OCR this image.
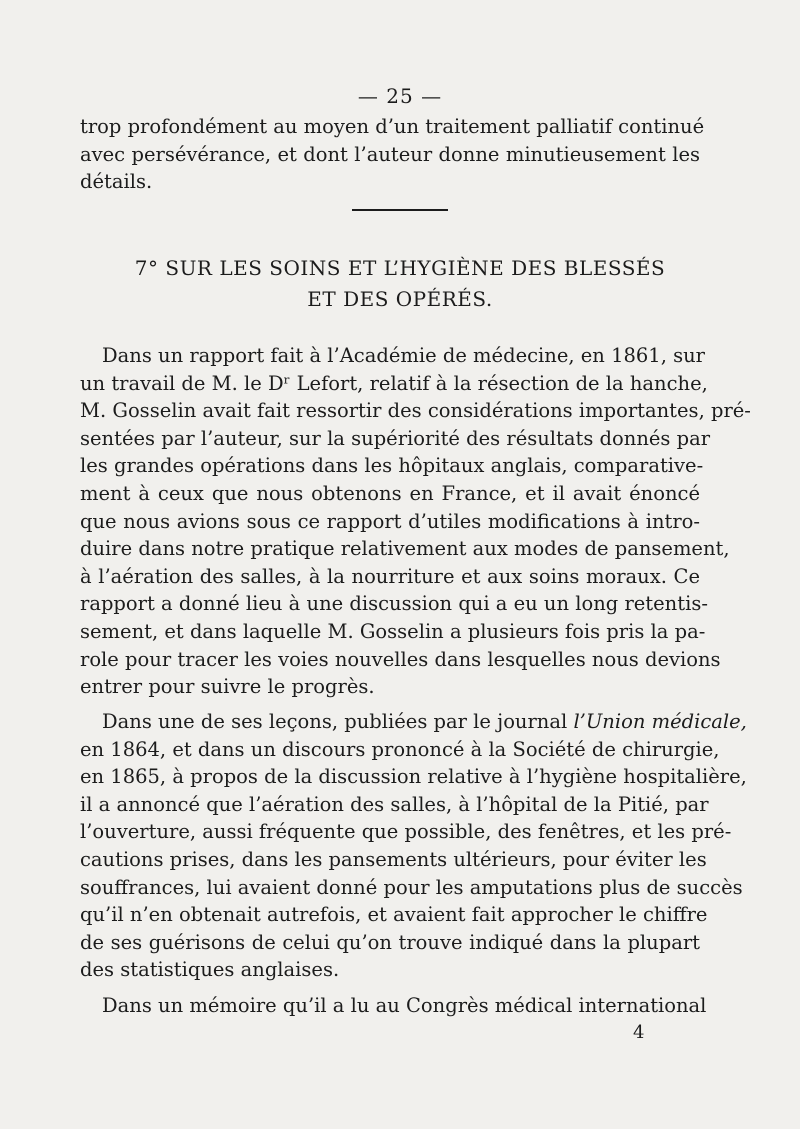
— 25 —
trop profondément au moyen d’un traitement palliatif continué
avec persévérance, et dont l’auteur donne minutieusement les
détails.
7° SUR LES SOINS ET L’HYGIÈNE DES BLESSÉS
ET DES OPÉRÉS.
Dans un rapport fait à l’Académie de médecine, en 1861, sur
un travail de M. le Dʳ Lefort, relatif à la résection de la hanche,
M. Gosselin avait fait ressortir des considérations importantes, pré-
sentées par l’auteur, sur la supériorité des résultats donnés par
les grandes opérations dans les hôpitaux anglais, comparative-
ment à ceux que nous obtenons en France, et il avait énoncé
que nous avions sous ce rapport d’utiles modifications à intro-
duire dans notre pratique relativement aux modes de pansement,
à l’aération des salles, à la nourriture et aux soins moraux. Ce
rapport a donné lieu à une discussion qui a eu un long retentis-
sement, et dans laquelle M. Gosselin a plusieurs fois pris la pa-
role pour tracer les voies nouvelles dans lesquelles nous devions
entrer pour suivre le progrès.
Dans une de ses leçons, publiées par le journal l’Union médicale,
en 1864, et dans un discours prononcé à la Société de chirurgie,
en 1865, à propos de la discussion relative à l’hygiène hospitalière,
il a annoncé que l’aération des salles, à l’hôpital de la Pitié, par
l’ouverture, aussi fréquente que possible, des fenêtres, et les pré-
cautions prises, dans les pansements ultérieurs, pour éviter les
souffrances, lui avaient donné pour les amputations plus de succès
qu’il n’en obtenait autrefois, et avaient fait approcher le chiffre
de ses guérisons de celui qu’on trouve indiqué dans la plupart
des statistiques anglaises.
Dans un mémoire qu’il a lu au Congrès médical international
4
